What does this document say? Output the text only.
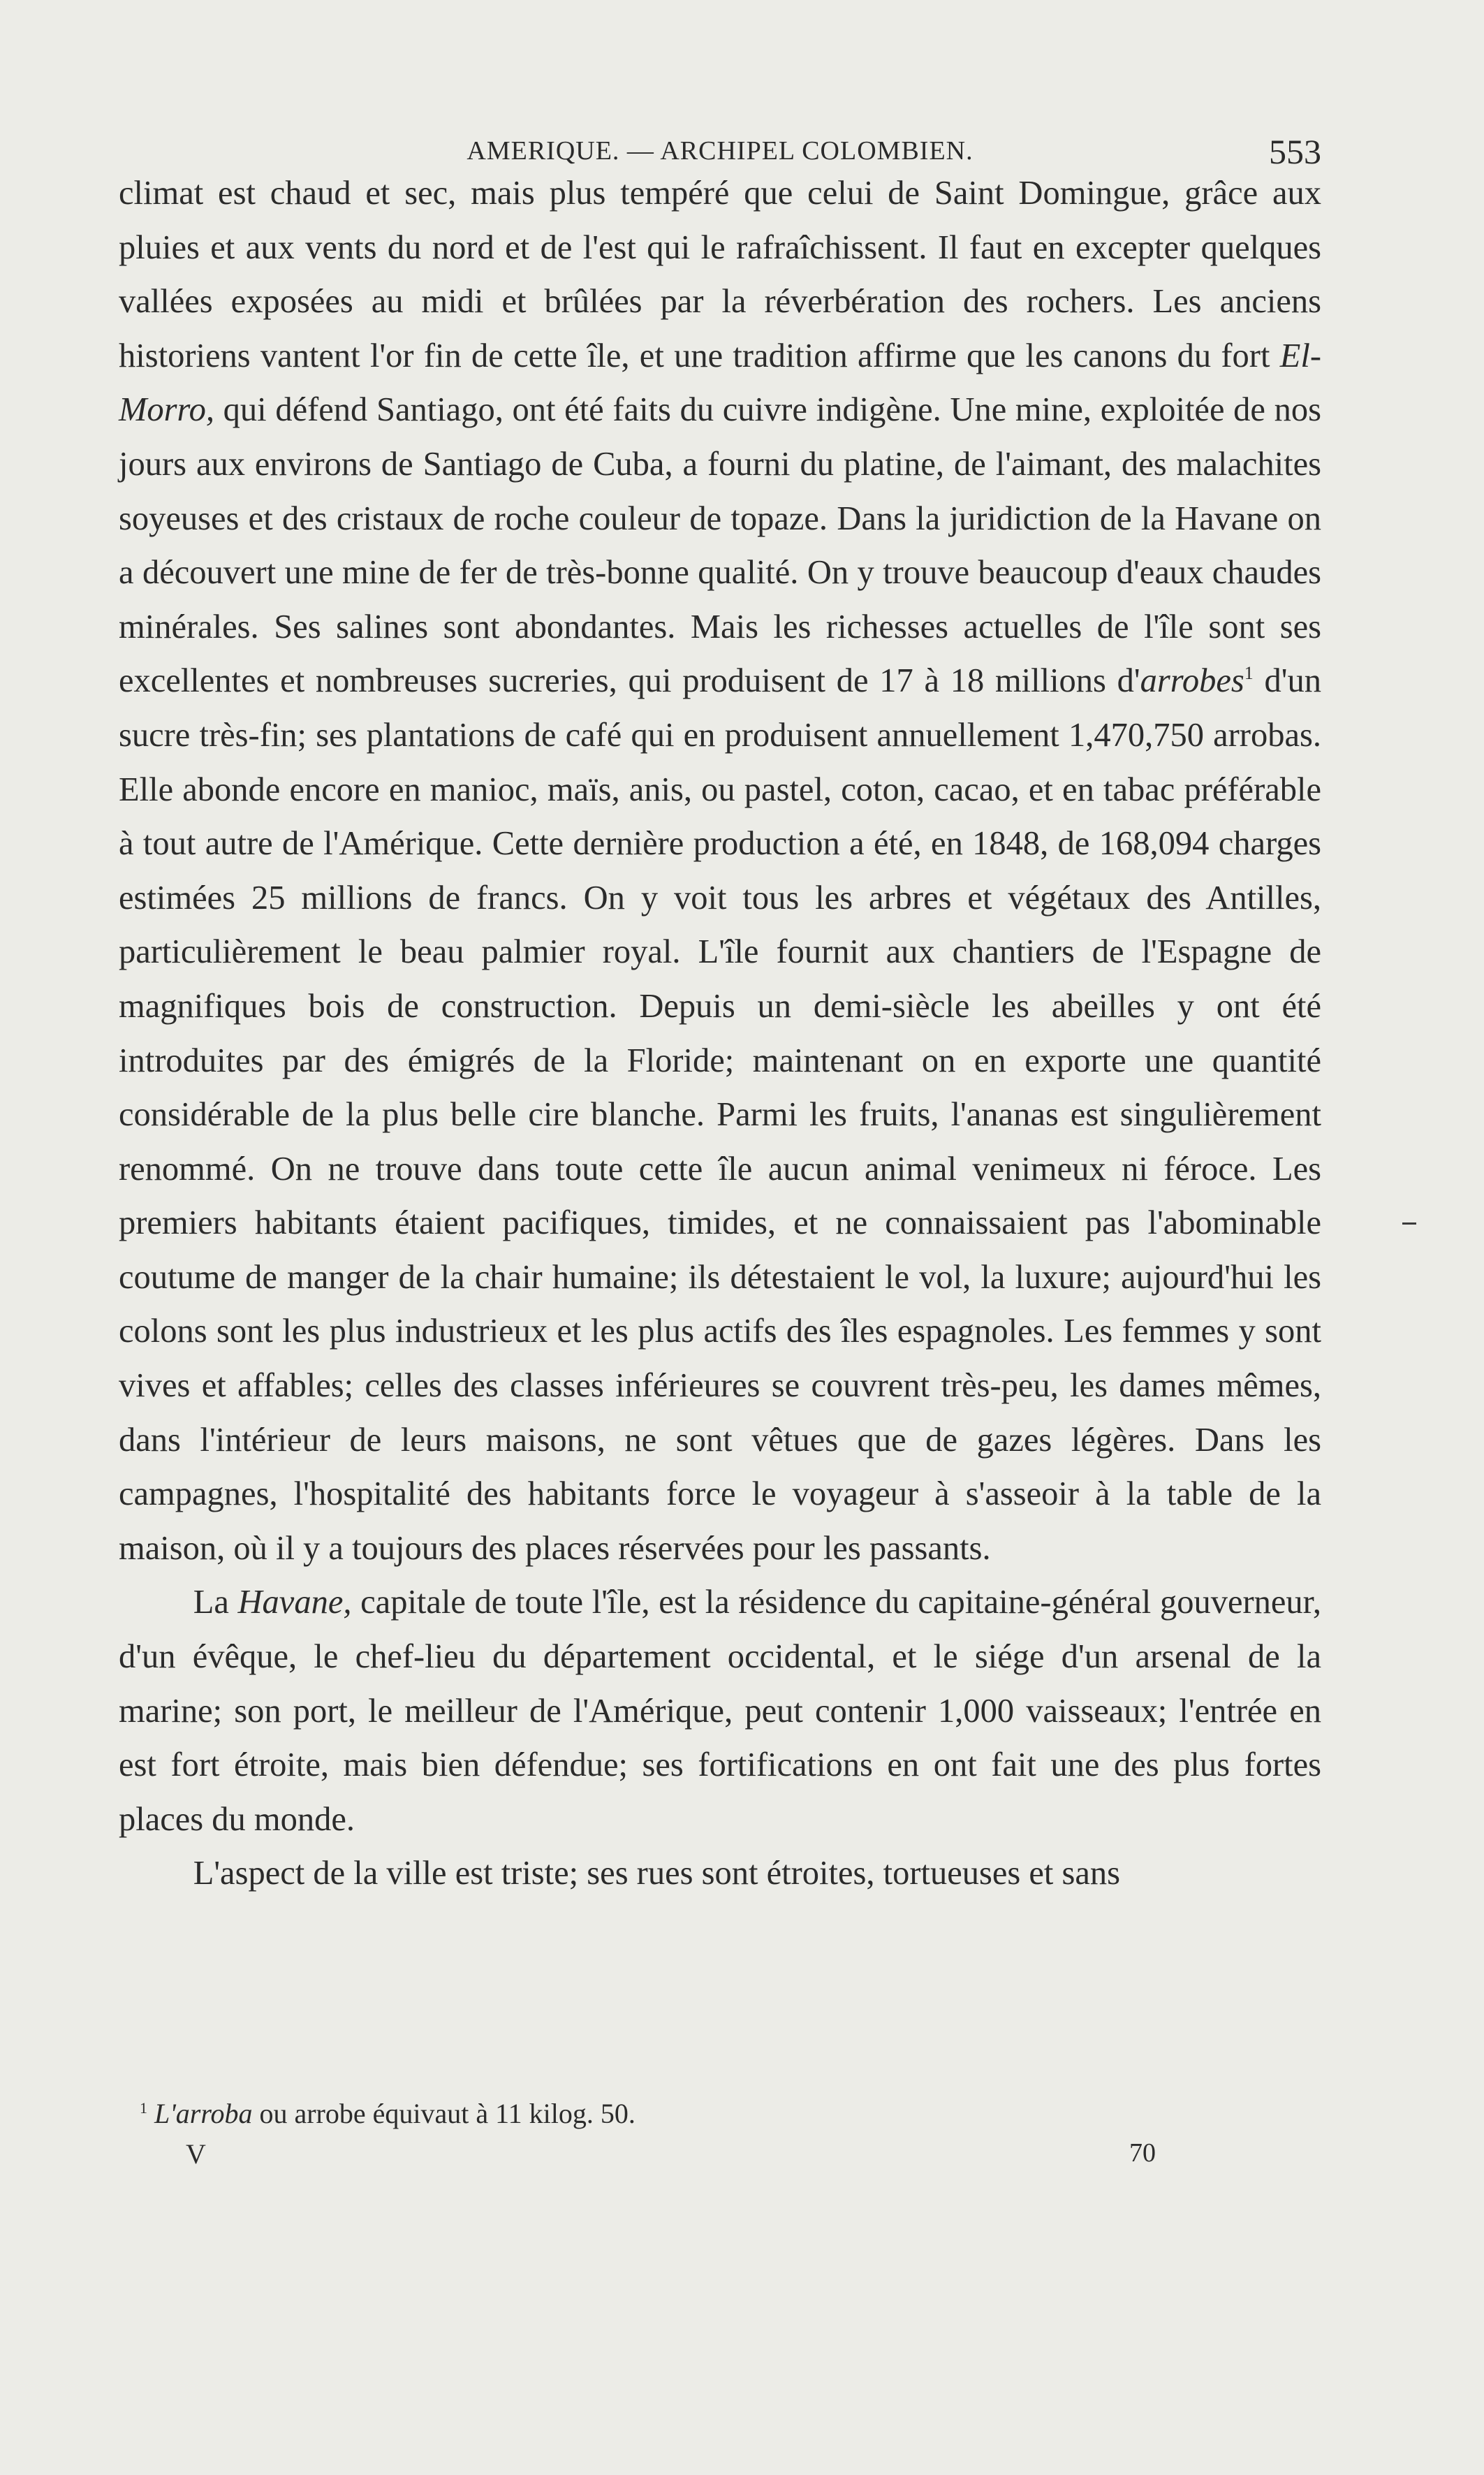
AMERIQUE. — ARCHIPEL COLOMBIEN.	553

climat est chaud et sec, mais plus tempéré que celui de Saint Domingue, grâce aux pluies et aux vents du nord et de l'est qui le rafraîchissent. Il faut en excepter quelques vallées exposées au midi et brûlées par la réverbération des rochers. Les anciens historiens vantent l'or fin de cette île, et une tradition affirme que les canons du fort El-Morro, qui défend Santiago, ont été faits du cuivre indigène. Une mine, exploitée de nos jours aux environs de Santiago de Cuba, a fourni du platine, de l'aimant, des malachites soyeuses et des cristaux de roche couleur de topaze. Dans la juridiction de la Havane on a découvert une mine de fer de très-bonne qualité. On y trouve beaucoup d'eaux chaudes minérales. Ses salines sont abondantes. Mais les richesses actuelles de l'île sont ses excellentes et nombreuses sucreries, qui produisent de 17 à 18 millions d'arrobes$^1$ d'un sucre très-fin; ses plantations de café qui en produisent annuellement 1,470,750 arrobas. Elle abonde encore en manioc, maïs, anis, ou pastel, coton, cacao, et en tabac préférable à tout autre de l'Amérique. Cette dernière production a été, en 1848, de 168,094 charges estimées 25 millions de francs. On y voit tous les arbres et végétaux des Antilles, particulièrement le beau palmier royal. L'île fournit aux chantiers de l'Espagne de magnifiques bois de construction. Depuis un demi-siècle les abeilles y ont été introduites par des émigrés de la Floride; maintenant on en exporte une quantité considérable de la plus belle cire blanche. Parmi les fruits, l'ananas est singulièrement renommé. On ne trouve dans toute cette île aucun animal venimeux ni féroce. Les premiers habitants étaient pacifiques, timides, et ne connaissaient pas l'abominable coutume de manger de la chair humaine; ils détestaient le vol, la luxure; aujourd'hui les colons sont les plus industrieux et les plus actifs des îles espagnoles. Les femmes y sont vives et affables; celles des classes inférieures se couvrent très-peu, les dames mêmes, dans l'intérieur de leurs maisons, ne sont vêtues que de gazes légères. Dans les campagnes, l'hospitalité des habitants force le voyageur à s'asseoir à la table de la maison, où il y a toujours des places réservées pour les passants.

La Havane, capitale de toute l'île, est la résidence du capitaine-général gouverneur, d'un évêque, le chef-lieu du département occidental, et le siége d'un arsenal de la marine; son port, le meilleur de l'Amérique, peut contenir 1,000 vaisseaux; l'entrée en est fort étroite, mais bien défendue; ses fortifications en ont fait une des plus fortes places du monde.

L'aspect de la ville est triste; ses rues sont étroites, tortueuses et sans

$^1$ L'arroba ou arrobe équivaut à 11 kilog. 50.
V	70
